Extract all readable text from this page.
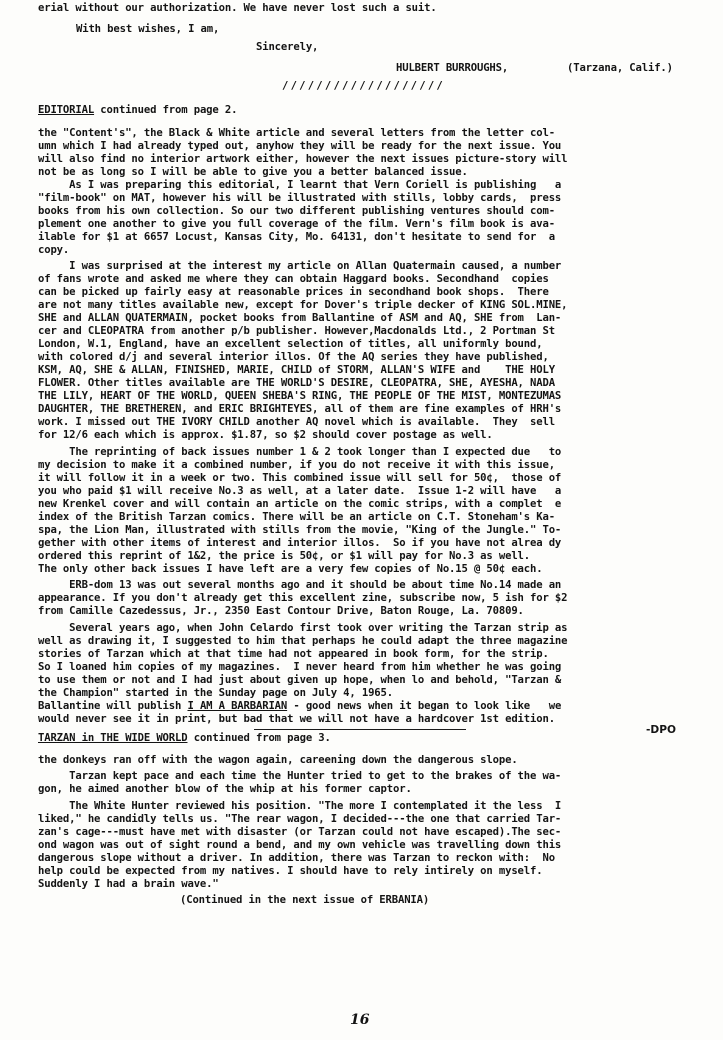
erial without our authorization. We have never lost such a suit.
With best wishes, I am,
Sincerely,
HULBERT BURROUGHS,	(Tarzana, Calif.)
///////////////////
EDITORIAL continued from page 2.
the "Content's", the Black & White article and several letters from the letter col-
umn which I had already typed out, anyhow they will be ready for the next issue. You
will also find no interior artwork either, however the next issues picture-story will
not be as long so I will be able to give you a better balanced issue.
As I was preparing this editorial, I learnt that Vern Coriell is publishing   a
"film-book" on MAT, however his will be illustrated with stills, lobby cards,  press
books from his own collection. So our two different publishing ventures should com-
plement one another to give you full coverage of the film. Vern's film book is ava-
ilable for $1 at 6657 Locust, Kansas City, Mo. 64131, don't hesitate to send for  a
copy.
I was surprised at the interest my article on Allan Quatermain caused, a number
of fans wrote and asked me where they can obtain Haggard books. Secondhand  copies
can be picked up fairly easy at reasonable prices in secondhand book shops.  There
are not many titles available new, except for Dover's triple decker of KING SOL.MINE,
SHE and ALLAN QUATERMAIN, pocket books from Ballantine of ASM and AQ, SHE from  Lan-
cer and CLEOPATRA from another p/b publisher. However,Macdonalds Ltd., 2 Portman St
London, W.1, England, have an excellent selection of titles, all uniformly bound,
with colored d/j and several interior illos. Of the AQ series they have published,
KSM, AQ, SHE & ALLAN, FINISHED, MARIE, CHILD of STORM, ALLAN'S WIFE and    THE HOLY
FLOWER. Other titles available are THE WORLD'S DESIRE, CLEOPATRA, SHE, AYESHA, NADA
THE LILY, HEART OF THE WORLD, QUEEN SHEBA'S RING, THE PEOPLE OF THE MIST, MONTEZUMAS
DAUGHTER, THE BRETHEREN, and ERIC BRIGHTEYES, all of them are fine examples of HRH's
work. I missed out THE IVORY CHILD another AQ novel which is available.  They  sell
for 12/6 each which is approx. $1.87, so $2 should cover postage as well.
The reprinting of back issues number 1 & 2 took longer than I expected due   to
my decision to make it a combined number, if you do not receive it with this issue,
it will follow it in a week or two. This combined issue will sell for 50¢,  those of
you who paid $1 will receive No.3 as well, at a later date.  Issue 1-2 will have   a
new Krenkel cover and will contain an article on the comic strips, with a complet  e
index of the British Tarzan comics. There will be an article on C.T. Stoneham's Ka-
spa, the Lion Man, illustrated with stills from the movie, "King of the Jungle." To-
gether with other items of interest and interior illos.  So if you have not alrea dy
ordered this reprint of 1&2, the price is 50¢, or $1 will pay for No.3 as well.
The only other back issues I have left are a very few copies of No.15 @ 50¢ each.
ERB-dom 13 was out several months ago and it should be about time No.14 made an
appearance. If you don't already get this excellent zine, subscribe now, 5 ish for $2
from Camille Cazedessus, Jr., 2350 East Contour Drive, Baton Rouge, La. 70809.
Several years ago, when John Celardo first took over writing the Tarzan strip as
well as drawing it, I suggested to him that perhaps he could adapt the three magazine
stories of Tarzan which at that time had not appeared in book form, for the strip.
So I loaned him copies of my magazines.  I never heard from him whether he was going
to use them or not and I had just about given up hope, when lo and behold, "Tarzan &
the Champion" started in the Sunday page on July 4, 1965.
Ballantine will publish I AM A BARBARIAN - good news when it began to look like   we
would never see it in print, but bad that we will not have a hardcover 1st edition.
-DPO
TARZAN in THE WIDE WORLD continued from page 3.
the donkeys ran off with the wagon again, careening down the dangerous slope.
Tarzan kept pace and each time the Hunter tried to get to the brakes of the wa-
gon, he aimed another blow of the whip at his former captor.
The White Hunter reviewed his position. "The more I contemplated it the less  I
liked," he candidly tells us. "The rear wagon, I decided---the one that carried Tar-
zan's cage---must have met with disaster (or Tarzan could not have escaped).The sec-
ond wagon was out of sight round a bend, and my own vehicle was travelling down this
dangerous slope without a driver. In addition, there was Tarzan to reckon with:  No
help could be expected from my natives. I should have to rely intirely on myself.
Suddenly I had a brain wave."
(Continued in the next issue of ERBANIA)
16
